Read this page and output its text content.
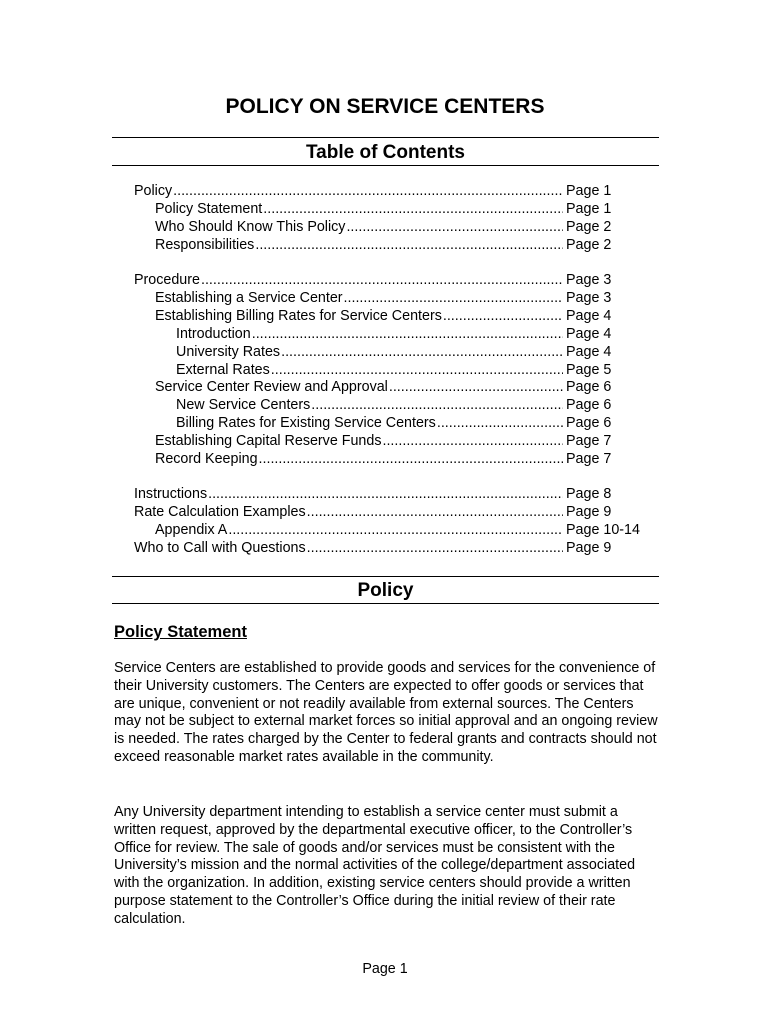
POLICY ON SERVICE CENTERS
Table of Contents
Policy .....	Page 1
Policy Statement .....	Page 1
Who Should Know This Policy .....	Page 2
Responsibilities .....	Page 2
Procedure .....	Page 3
Establishing a Service Center .....	Page 3
Establishing Billing Rates for Service Centers .....	Page 4
Introduction .....	Page 4
University Rates .....	Page 4
External Rates .....	Page 5
Service Center Review and Approval .....	Page 6
New Service Centers .....	Page 6
Billing Rates for Existing Service Centers .....	Page 6
Establishing Capital Reserve Funds .....	Page 7
Record Keeping .....	Page 7
Instructions .....	Page 8
Rate Calculation Examples .....	Page 9
Appendix A .....	Page 10-14
Who to Call with Questions .....	Page 9
Policy
Policy Statement

Service Centers are established to provide goods and services for the convenience of their University customers. The Centers are expected to offer goods or services that are unique, convenient or not readily available from external sources. The Centers may not be subject to external market forces so initial approval and an ongoing review is needed. The rates charged by the Center to federal grants and contracts should not exceed reasonable market rates available in the community.

Any University department intending to establish a service center must submit a written request, approved by the departmental executive officer, to the Controller’s Office for review. The sale of goods and/or services must be consistent with the University’s mission and the normal activities of the college/department associated with the organization. In addition, existing service centers should provide a written purpose statement to the Controller’s Office during the initial review of their rate calculation.

Page 1
